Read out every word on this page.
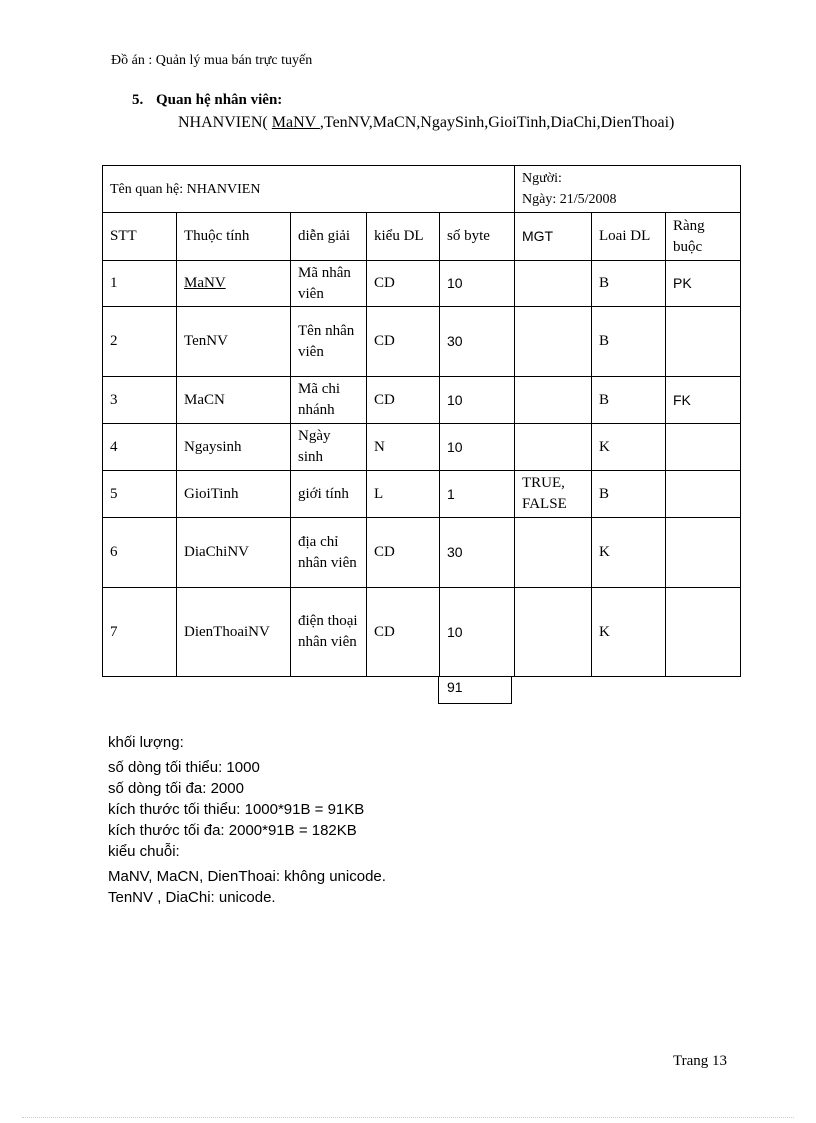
Đồ án : Quản lý mua bán trực tuyến
5. Quan hệ nhân viên:
NHANVIEN( MaNV ,TenNV,MaCN,NgaySinh,GioiTinh,DiaChi,DienThoai)
Tên quan hệ: NHANVIEN					Người:
Ngày: 21/5/2008		

STT	Thuộc tính	diễn giải	kiểu DL	số byte	MGT	Loai DL	Ràng buộc
1	MaNV	Mã nhân viên	CD	10		B	PK
2	TenNV	Tên nhân viên	CD	30		B	
3	MaCN	Mã chi nhánh	CD	10		B	FK
4	Ngaysinh	Ngày sinh	N	10		K	
5	GioiTinh	giới tính	L	1	TRUE, FALSE	B	
6	DiaChiNV	địa chỉ nhân viên	CD	30		K	
7	DienThoaiNV	điện thoại nhân viên	CD	10		K	
91
khối lượng:
số dòng tối thiểu: 1000
số dòng tối đa: 2000
kích thước tối thiểu: 1000*91B = 91KB
kích thước tối đa: 2000*91B = 182KB
kiểu chuỗi:
MaNV, MaCN, DienThoai: không unicode.
TenNV , DiaChi: unicode.
Trang 13
